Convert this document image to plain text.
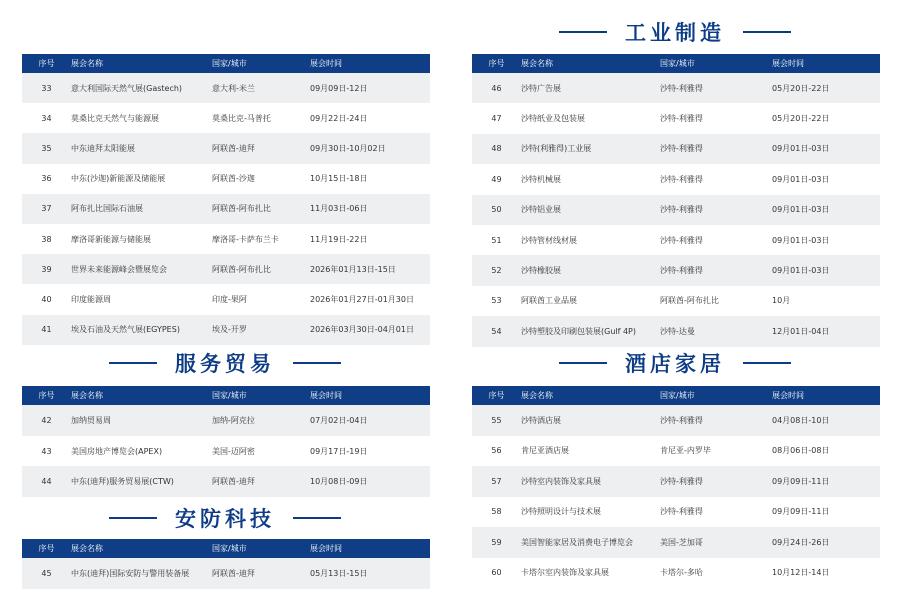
工业制造
服务贸易
安防科技
酒店家居
序号	展会名称	国家/城市	展会时间
33	意大利国际天然气展(Gastech)	意大利-米兰	09月09日-12日
34	莫桑比克天然气与能源展	莫桑比克-马普托	09月22日-24日
35	中东迪拜太阳能展	阿联酋-迪拜	09月30日-10月02日
36	中东(沙迦)新能源及储能展	阿联酋-沙迦	10月15日-18日
37	阿布扎比国际石油展	阿联酋-阿布扎比	11月03日-06日
38	摩洛哥新能源与储能展	摩洛哥-卡萨布兰卡	11月19日-22日
39	世界未来能源峰会暨展览会	阿联酋-阿布扎比	2026年01月13日-15日
40	印度能源周	印度-果阿	2026年01月27日-01月30日
41	埃及石油及天然气展(EGYPES)	埃及-开罗	2026年03月30日-04月01日
序号	展会名称	国家/城市	展会时间
42	加纳贸易周	加纳-阿克拉	07月02日-04日
43	美国房地产博览会(APEX)	美国-迈阿密	09月17日-19日
44	中东(迪拜)服务贸易展(CTW)	阿联酋-迪拜	10月08日-09日
序号	展会名称	国家/城市	展会时间
45	中东(迪拜)国际安防与警用装备展	阿联酋-迪拜	05月13日-15日
序号	展会名称	国家/城市	展会时间
46	沙特广告展	沙特-利雅得	05月20日-22日
47	沙特纸业及包装展	沙特-利雅得	05月20日-22日
48	沙特(利雅得)工业展	沙特-利雅得	09月01日-03日
49	沙特机械展	沙特-利雅得	09月01日-03日
50	沙特铝业展	沙特-利雅得	09月01日-03日
51	沙特管材线材展	沙特-利雅得	09月01日-03日
52	沙特橡胶展	沙特-利雅得	09月01日-03日
53	阿联酋工业品展	阿联酋-阿布扎比	10月
54	沙特塑胶及印刷包装展(Gulf 4P)	沙特-达曼	12月01日-04日
序号	展会名称	国家/城市	展会时间
55	沙特酒店展	沙特-利雅得	04月08日-10日
56	肯尼亚酒店展	肯尼亚-内罗毕	08月06日-08日
57	沙特室内装饰及家具展	沙特-利雅得	09月09日-11日
58	沙特照明设计与技术展	沙特-利雅得	09月09日-11日
59	美国智能家居及消费电子博览会	美国-芝加哥	09月24日-26日
60	卡塔尔室内装饰及家具展	卡塔尔-多哈	10月12日-14日
